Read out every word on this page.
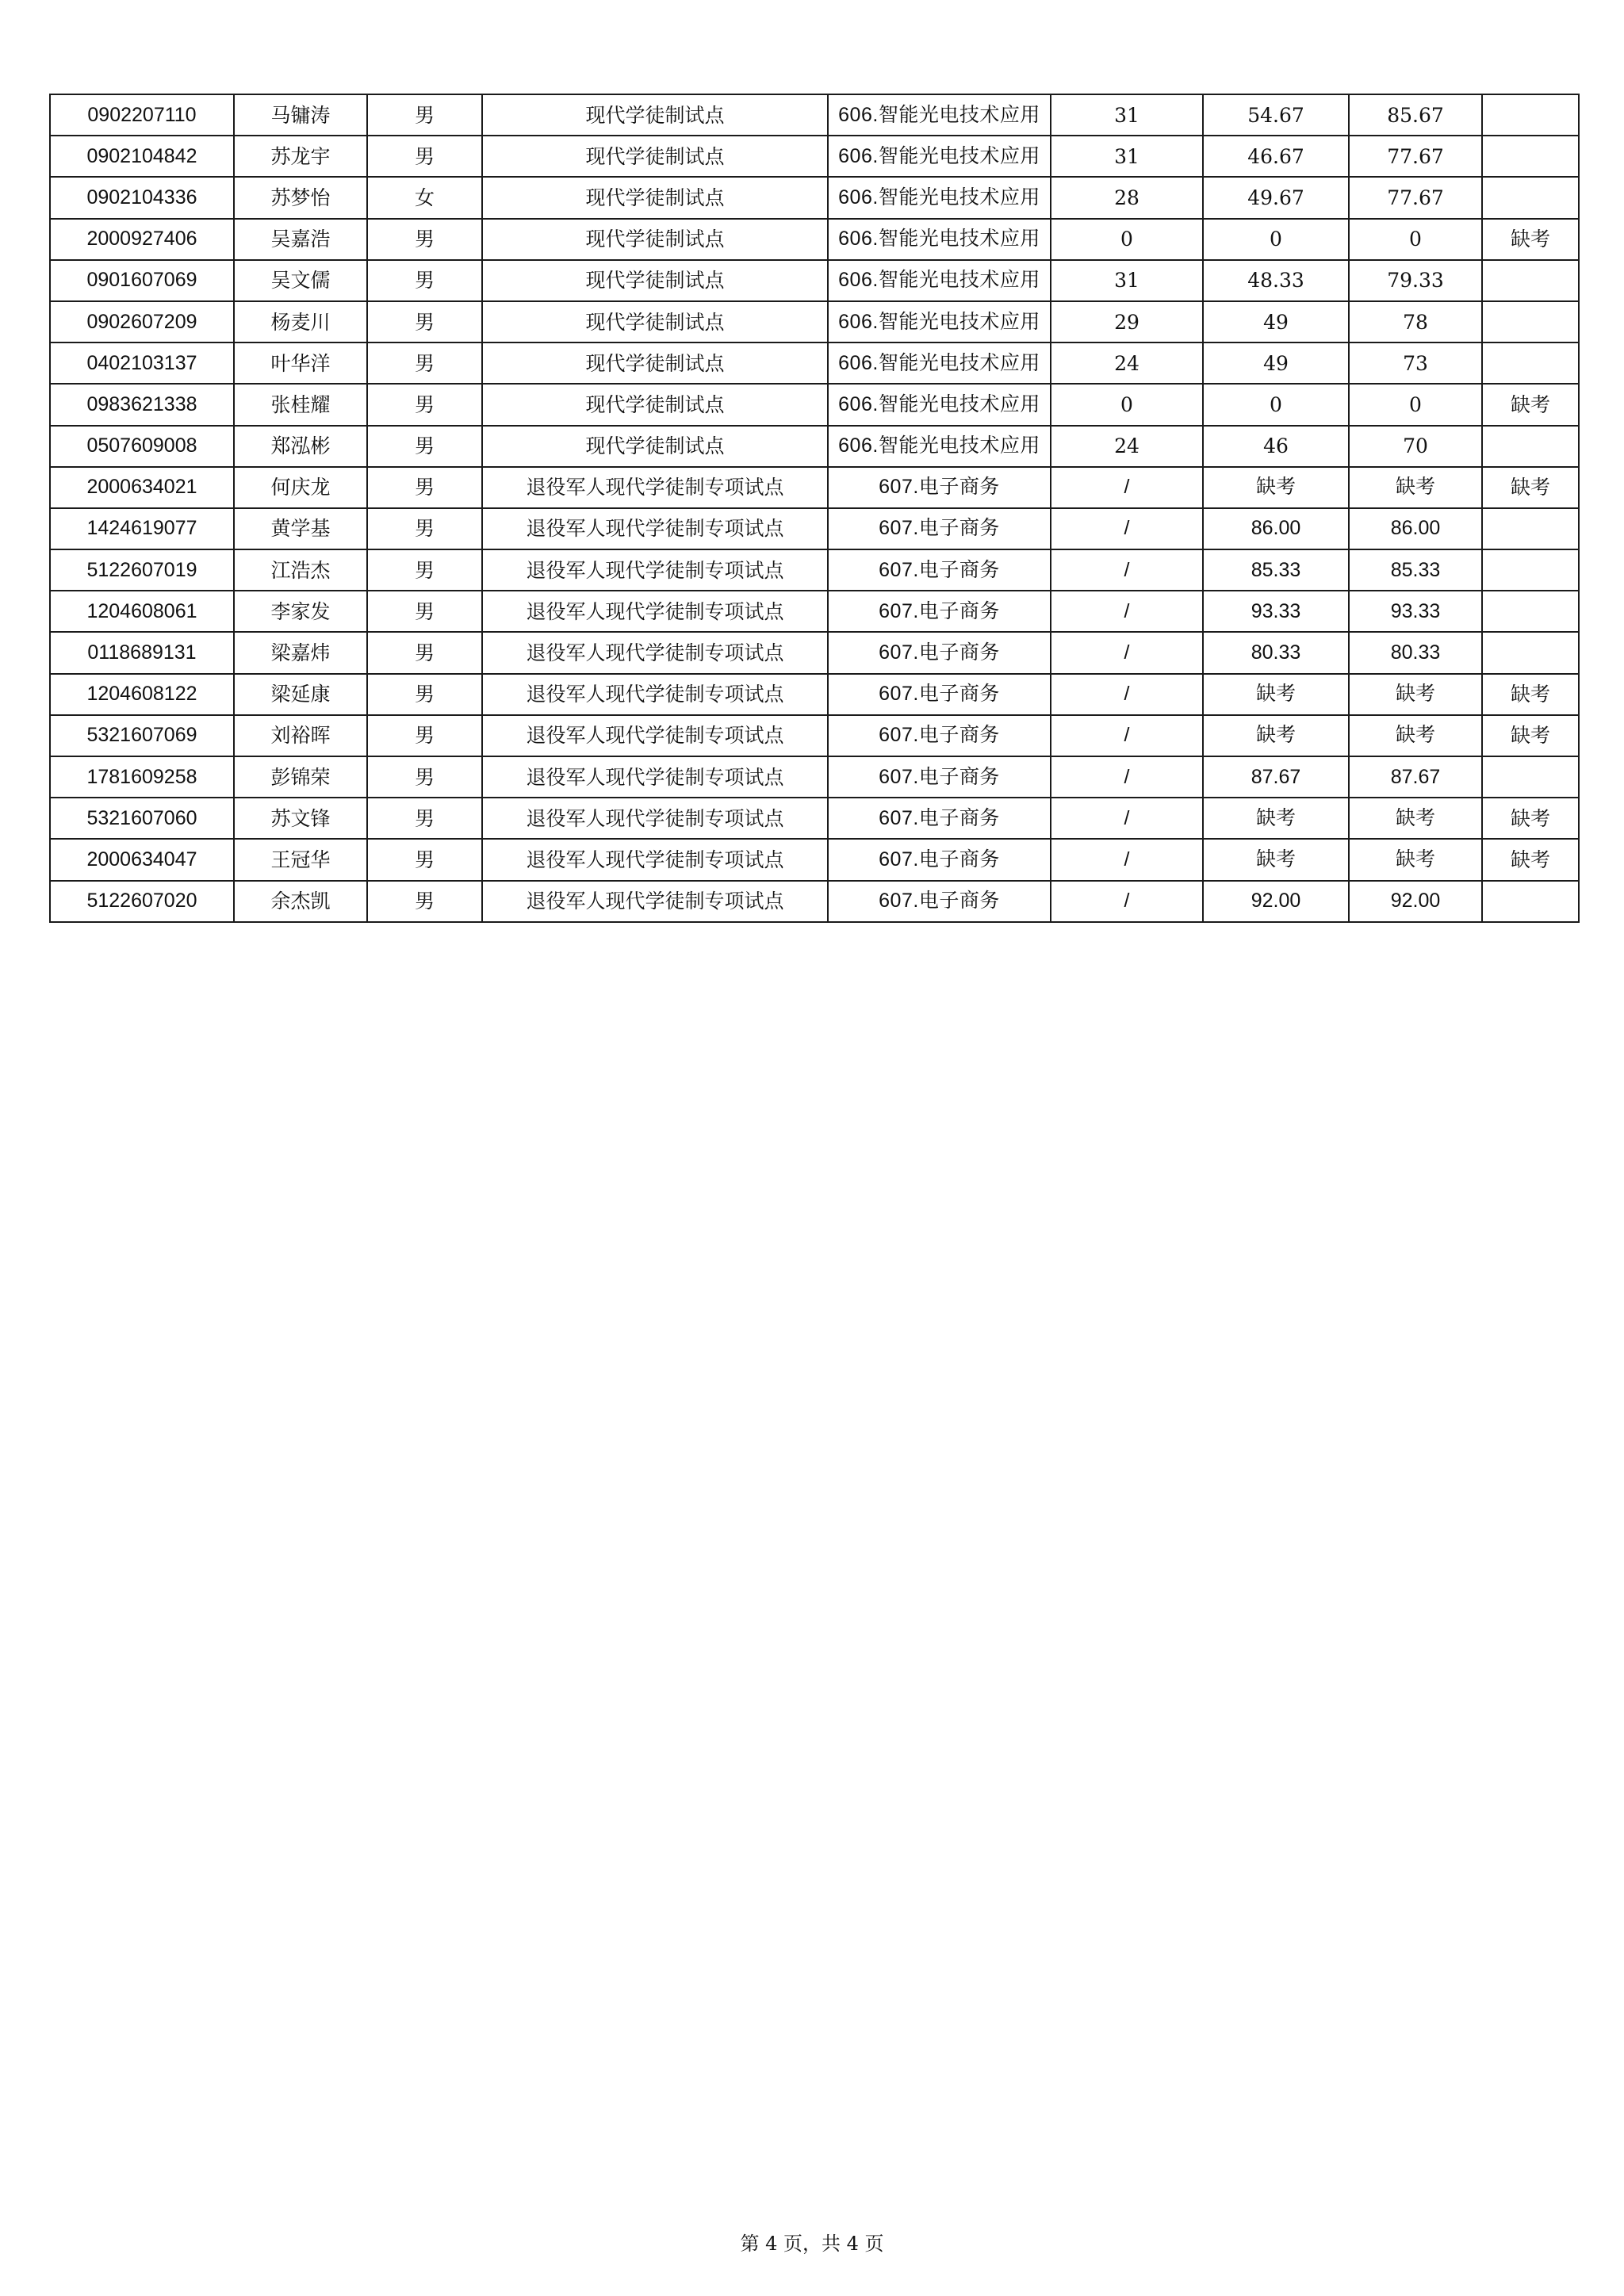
0902207110	马镛涛	男	现代学徒制试点	606.智能光电技术应用	31	54.67	85.67	
0902104842	苏龙宇	男	现代学徒制试点	606.智能光电技术应用	31	46.67	77.67	
0902104336	苏梦怡	女	现代学徒制试点	606.智能光电技术应用	28	49.67	77.67	
2000927406	吴嘉浩	男	现代学徒制试点	606.智能光电技术应用	0	0	0	缺考
0901607069	吴文儒	男	现代学徒制试点	606.智能光电技术应用	31	48.33	79.33	
0902607209	杨麦川	男	现代学徒制试点	606.智能光电技术应用	29	49	78	
0402103137	叶华洋	男	现代学徒制试点	606.智能光电技术应用	24	49	73	
0983621338	张桂耀	男	现代学徒制试点	606.智能光电技术应用	0	0	0	缺考
0507609008	郑泓彬	男	现代学徒制试点	606.智能光电技术应用	24	46	70	
2000634021	何庆龙	男	退役军人现代学徒制专项试点	607.电子商务	/	缺考	缺考	缺考
1424619077	黄学基	男	退役军人现代学徒制专项试点	607.电子商务	/	86.00	86.00	
5122607019	江浩杰	男	退役军人现代学徒制专项试点	607.电子商务	/	85.33	85.33	
1204608061	李家发	男	退役军人现代学徒制专项试点	607.电子商务	/	93.33	93.33	
0118689131	梁嘉炜	男	退役军人现代学徒制专项试点	607.电子商务	/	80.33	80.33	
1204608122	梁延康	男	退役军人现代学徒制专项试点	607.电子商务	/	缺考	缺考	缺考
5321607069	刘裕晖	男	退役军人现代学徒制专项试点	607.电子商务	/	缺考	缺考	缺考
1781609258	彭锦荣	男	退役军人现代学徒制专项试点	607.电子商务	/	87.67	87.67	
5321607060	苏文锋	男	退役军人现代学徒制专项试点	607.电子商务	/	缺考	缺考	缺考
2000634047	王冠华	男	退役军人现代学徒制专项试点	607.电子商务	/	缺考	缺考	缺考
5122607020	余杰凯	男	退役军人现代学徒制专项试点	607.电子商务	/	92.00	92.00	
第 4 页，共 4 页
